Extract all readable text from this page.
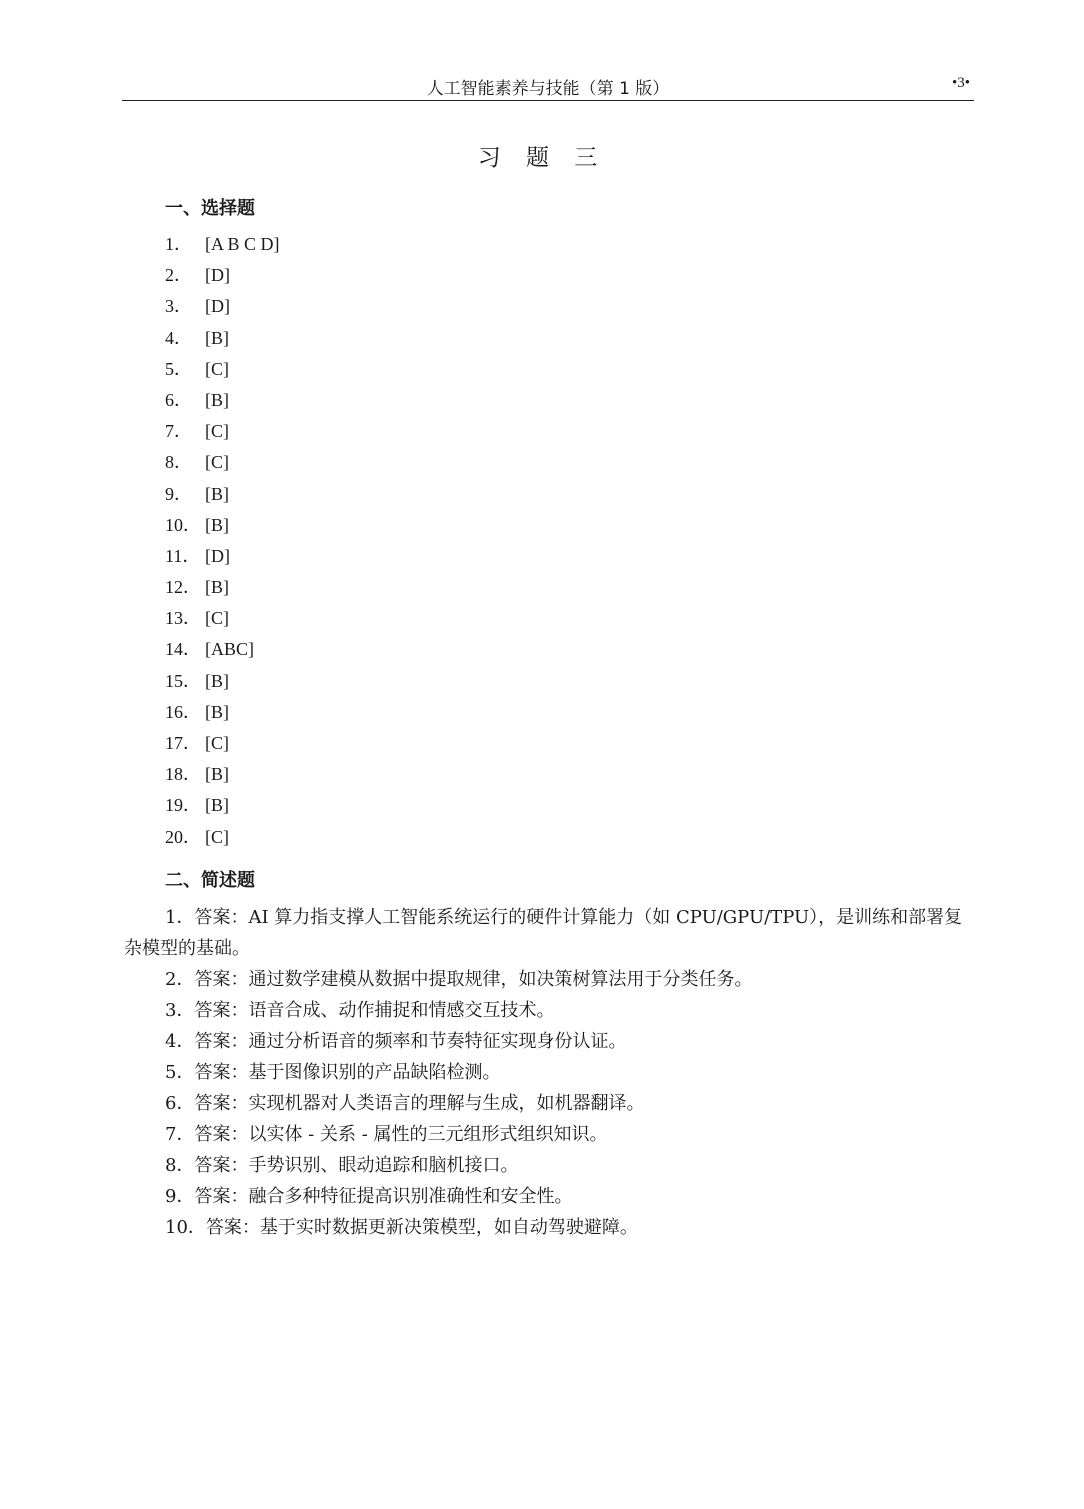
人工智能素养与技能（第 1 版）	•3•
习 题 三
一、选择题
1． [A B C D]
2． [D]
3． [D]
4． [B]
5． [C]
6． [B]
7． [C]
8． [C]
9． [B]
10． [B]
11． [D]
12． [B]
13． [C]
14． [ABC]
15． [B]
16． [B]
17． [C]
18． [B]
19． [B]
20． [C]
二、简述题

1．答案：AI 算力指支撑人工智能系统运行的硬件计算能力（如 CPU/GPU/TPU），是训练和部署复杂模型的基础。

2．答案：通过数学建模从数据中提取规律，如决策树算法用于分类任务。

3．答案：语音合成、动作捕捉和情感交互技术。

4．答案：通过分析语音的频率和节奏特征实现身份认证。

5．答案：基于图像识别的产品缺陷检测。

6．答案：实现机器对人类语言的理解与生成，如机器翻译。

7．答案：以实体 - 关系 - 属性的三元组形式组织知识。

8．答案：手势识别、眼动追踪和脑机接口。

9．答案：融合多种特征提高识别准确性和安全性。

10．答案：基于实时数据更新决策模型，如自动驾驶避障。
